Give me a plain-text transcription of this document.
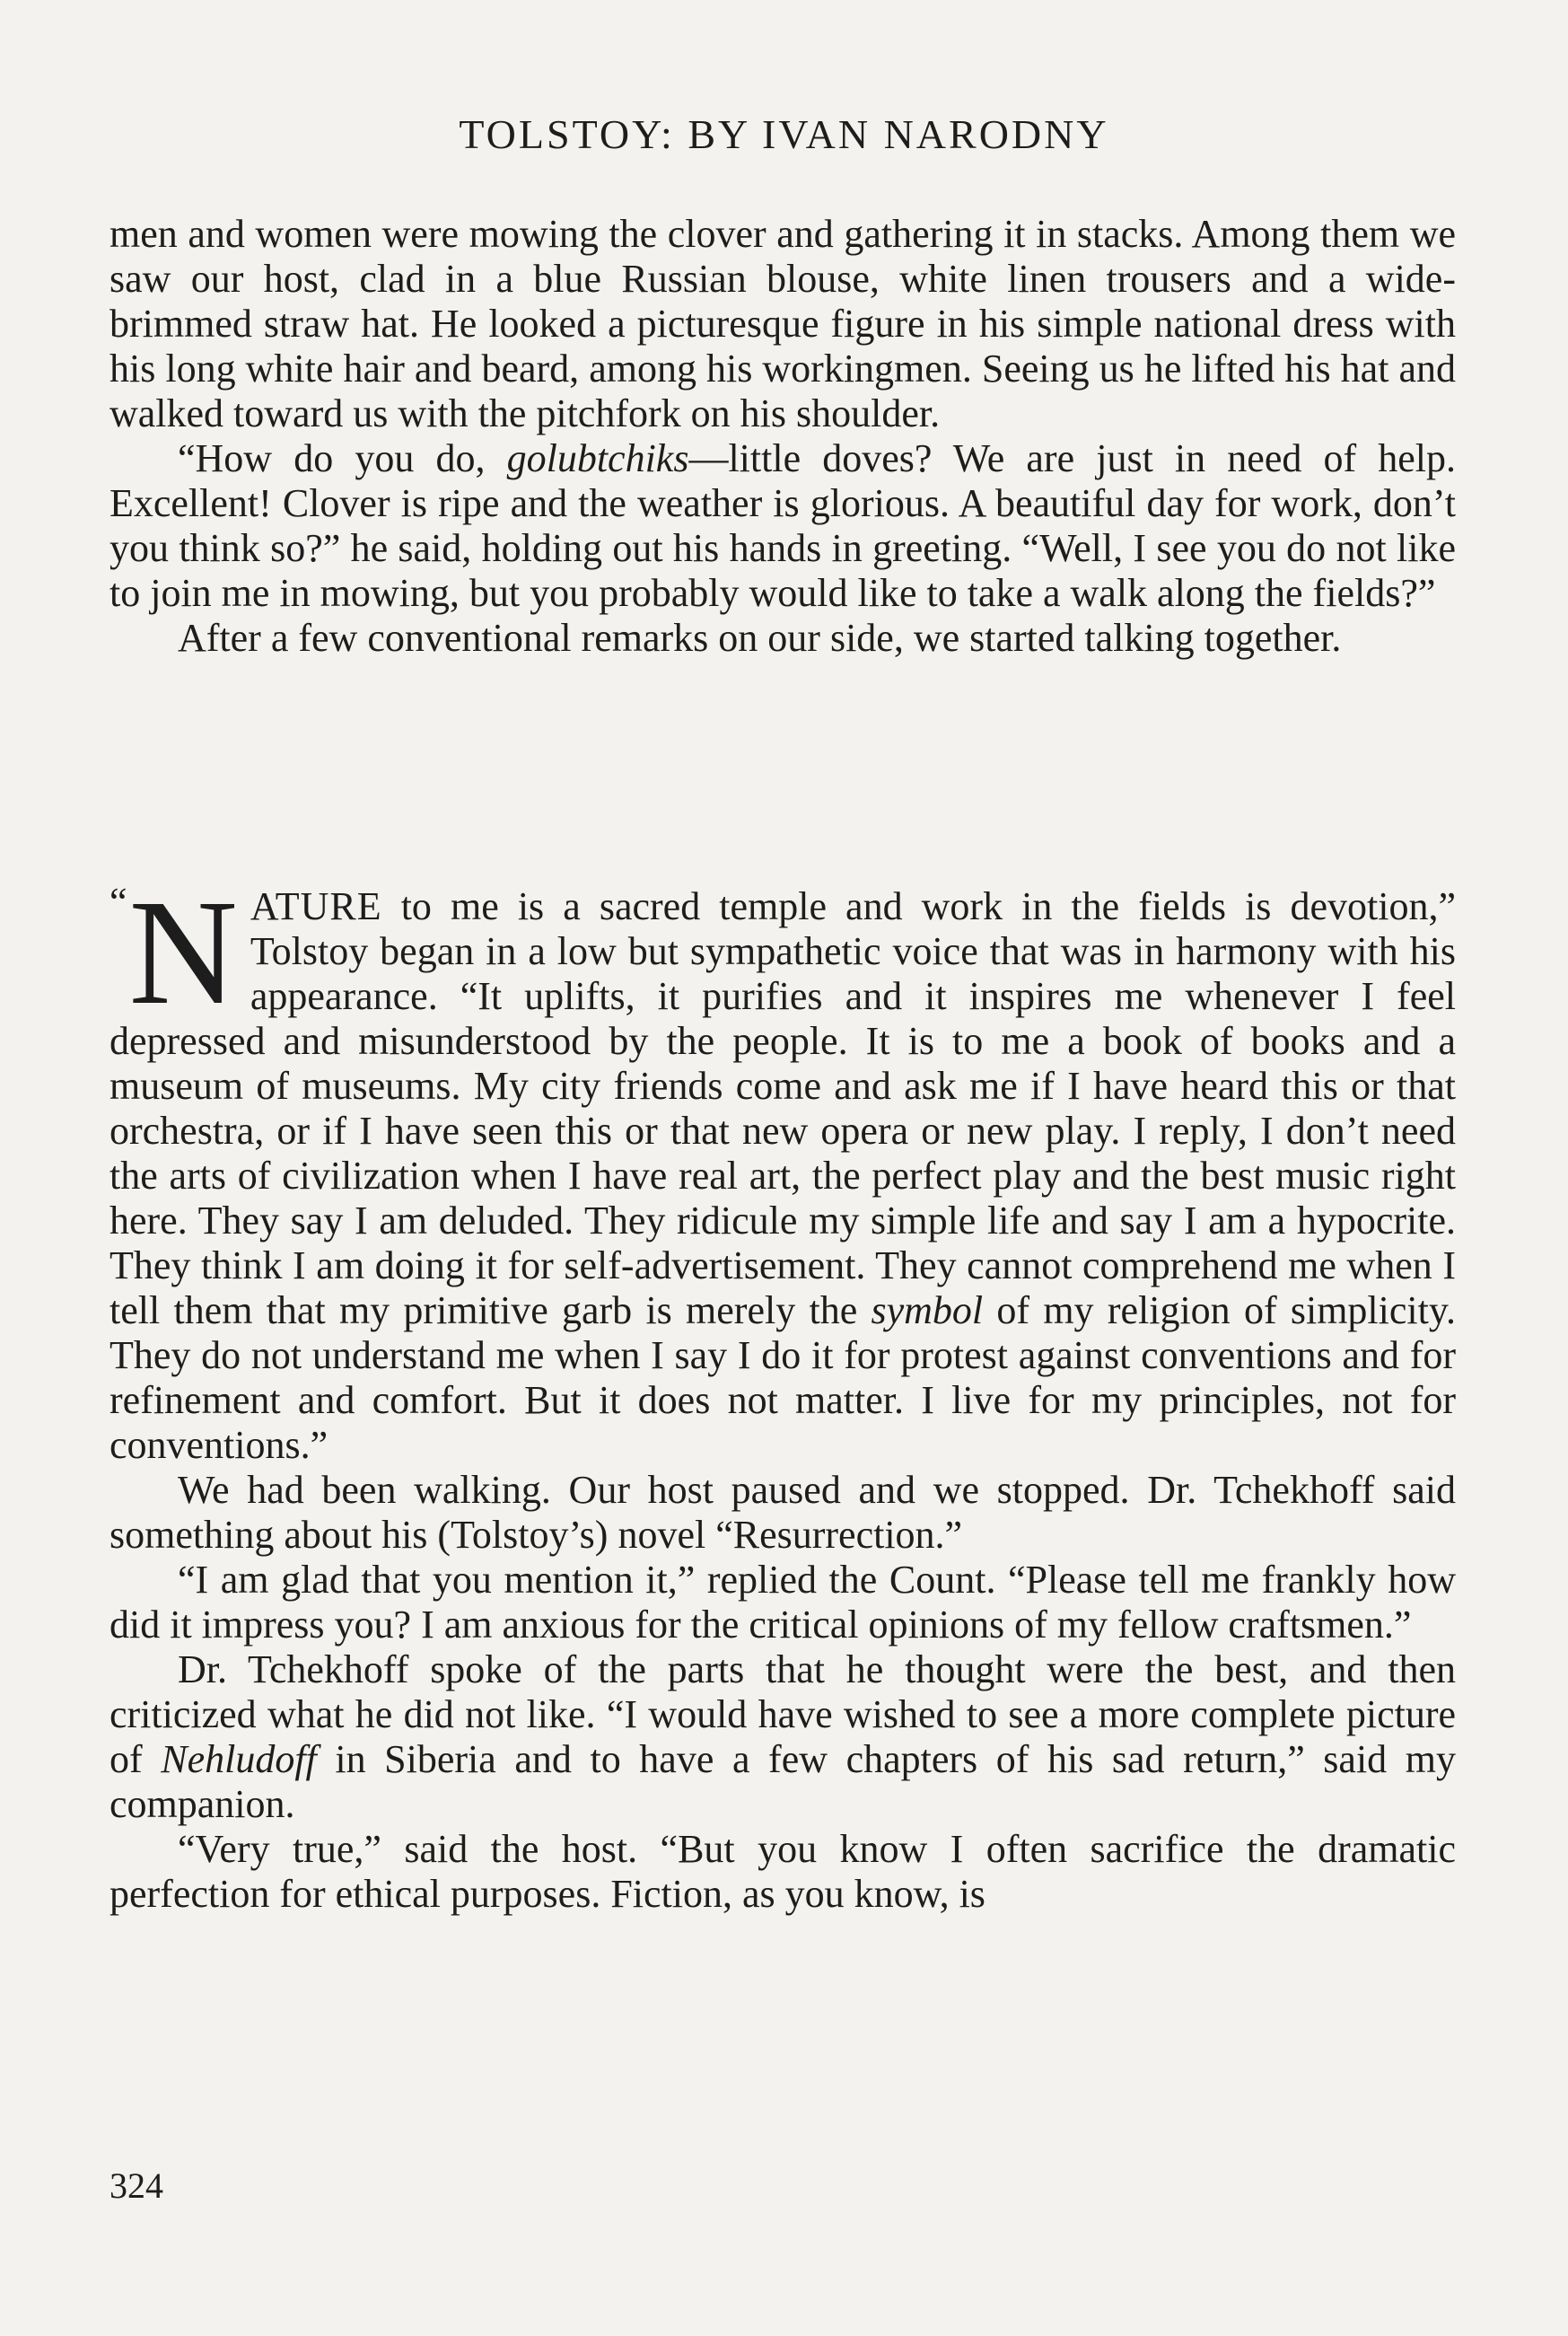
TOLSTOY: BY IVAN NARODNY

men and women were mowing the clover and gathering it in stacks. Among them we saw our host, clad in a blue Russian blouse, white linen trousers and a wide-brimmed straw hat. He looked a picturesque figure in his simple national dress with his long white hair and beard, among his workingmen. Seeing us he lifted his hat and walked toward us with the pitchfork on his shoulder.

“How do you do, golubtchiks—little doves? We are just in need of help. Excellent! Clover is ripe and the weather is glorious. A beautiful day for work, don’t you think so?” he said, holding out his hands in greeting. “Well, I see you do not like to join me in mowing, but you probably would like to take a walk along the fields?”

After a few conventional remarks on our side, we started talking together.

“ N ATURE to me is a sacred temple and work in the fields is devotion,” Tolstoy began in a low but sympathetic voice that was in harmony with his appearance. “It uplifts, it purifies and it inspires me whenever I feel depressed and misunderstood by the people. It is to me a book of books and a museum of museums. My city friends come and ask me if I have heard this or that orchestra, or if I have seen this or that new opera or new play. I reply, I don’t need the arts of civilization when I have real art, the perfect play and the best music right here. They say I am deluded. They ridicule my simple life and say I am a hypocrite. They think I am doing it for self-advertisement. They cannot comprehend me when I tell them that my primitive garb is merely the symbol of my religion of simplicity. They do not understand me when I say I do it for protest against conventions and for refinement and comfort. But it does not matter. I live for my principles, not for conventions.”

We had been walking. Our host paused and we stopped. Dr. Tchekhoff said something about his (Tolstoy’s) novel “Resurrection.”

“I am glad that you mention it,” replied the Count. “Please tell me frankly how did it impress you? I am anxious for the critical opinions of my fellow craftsmen.”

Dr. Tchekhoff spoke of the parts that he thought were the best, and then criticized what he did not like. “I would have wished to see a more complete picture of Nehludoff in Siberia and to have a few chapters of his sad return,” said my companion.

“Very true,” said the host. “But you know I often sacrifice the dramatic perfection for ethical purposes. Fiction, as you know, is

324
